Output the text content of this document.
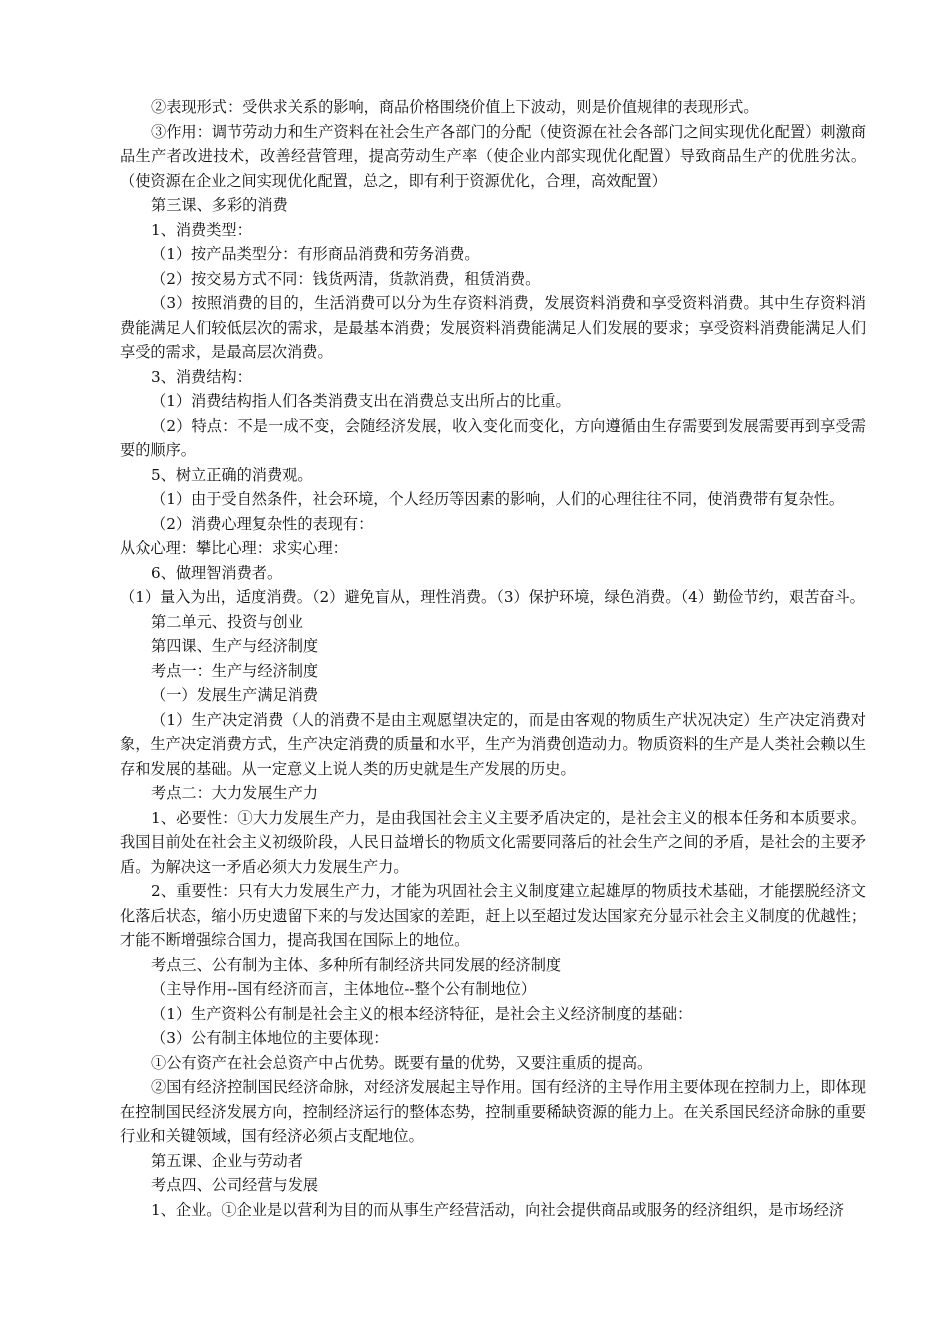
②表现形式：受供求关系的影响，商品价格围绕价值上下波动，则是价值规律的表现形式。

③作用：调节劳动力和生产资料在社会生产各部门的分配（使资源在社会各部门之间实现优化配置）刺激商品生产者改进技术，改善经营管理，提高劳动生产率（使企业内部实现优化配置）导致商品生产的优胜劣汰。（使资源在企业之间实现优化配置，总之，即有利于资源优化，合理，高效配置）

第三课、多彩的消费

1、消费类型：

（1）按产品类型分：有形商品消费和劳务消费。

（2）按交易方式不同：钱货两清，货款消费，租赁消费。

（3）按照消费的目的，生活消费可以分为生存资料消费，发展资料消费和享受资料消费。其中生存资料消费能满足人们较低层次的需求，是最基本消费；发展资料消费能满足人们发展的要求；享受资料消费能满足人们享受的需求，是最高层次消费。

3、消费结构：

（1）消费结构指人们各类消费支出在消费总支出所占的比重。

（2）特点：不是一成不变，会随经济发展，收入变化而变化，方向遵循由生存需要到发展需要再到享受需要的顺序。

5、树立正确的消费观。

（1）由于受自然条件，社会环境，个人经历等因素的影响，人们的心理往往不同，使消费带有复杂性。

（2）消费心理复杂性的表现有：

从众心理：攀比心理：求实心理：

6、做理智消费者。

（1）量入为出，适度消费。（2）避免盲从，理性消费。（3）保护环境，绿色消费。（4）勤俭节约，艰苦奋斗。

第二单元、投资与创业

第四课、生产与经济制度

考点一：生产与经济制度

（一）发展生产满足消费

（1）生产决定消费（人的消费不是由主观愿望决定的，而是由客观的物质生产状况决定）生产决定消费对象，生产决定消费方式，生产决定消费的质量和水平，生产为消费创造动力。物质资料的生产是人类社会赖以生存和发展的基础。从一定意义上说人类的历史就是生产发展的历史。

考点二：大力发展生产力

1、必要性：①大力发展生产力，是由我国社会主义主要矛盾决定的，是社会主义的根本任务和本质要求。我国目前处在社会主义初级阶段，人民日益增长的物质文化需要同落后的社会生产之间的矛盾，是社会的主要矛盾。为解决这一矛盾必须大力发展生产力。

2、重要性：只有大力发展生产力，才能为巩固社会主义制度建立起雄厚的物质技术基础，才能摆脱经济文化落后状态，缩小历史遗留下来的与发达国家的差距，赶上以至超过发达国家充分显示社会主义制度的优越性；才能不断增强综合国力，提高我国在国际上的地位。

考点三、公有制为主体、多种所有制经济共同发展的经济制度

（主导作用--国有经济而言，主体地位--整个公有制地位）

（1）生产资料公有制是社会主义的根本经济特征，是社会主义经济制度的基础：

（3）公有制主体地位的主要体现：

①公有资产在社会总资产中占优势。既要有量的优势，又要注重质的提高。

②国有经济控制国民经济命脉，对经济发展起主导作用。国有经济的主导作用主要体现在控制力上，即体现在控制国民经济发展方向，控制经济运行的整体态势，控制重要稀缺资源的能力上。在关系国民经济命脉的重要行业和关键领域，国有经济必须占支配地位。

第五课、企业与劳动者

考点四、公司经营与发展

1、企业。①企业是以营利为目的而从事生产经营活动，向社会提供商品或服务的经济组织，是市场经济
